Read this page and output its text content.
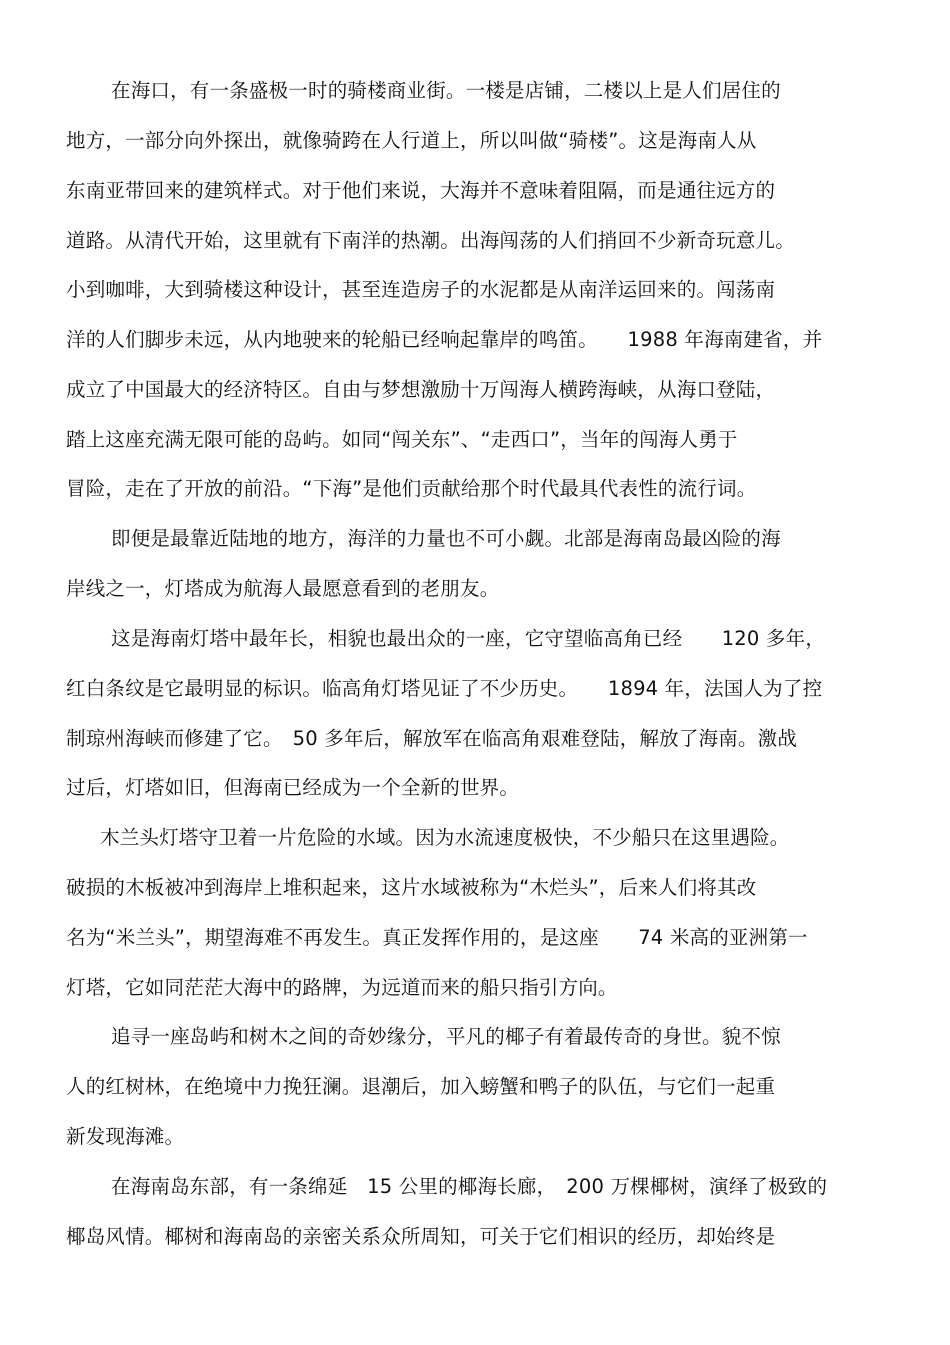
在海口，有一条盛极一时的骑楼商业街。一楼是店铺，二楼以上是人们居住的
地方，一部分向外探出，就像骑跨在人行道上，所以叫做“骑楼”。这是海南人从
东南亚带回来的建筑样式。对于他们来说，大海并不意味着阻隔，而是通往远方的
道路。从清代开始，这里就有下南洋的热潮。出海闯荡的人们捎回不少新奇玩意儿。
小到咖啡，大到骑楼这种设计，甚至连造房子的水泥都是从南洋运回来的。闯荡南
洋的人们脚步未远，从内地驶来的轮船已经响起靠岸的鸣笛。　　1988 年海南建省，并
成立了中国最大的经济特区。自由与梦想激励十万闯海人横跨海峡，从海口登陆，
踏上这座充满无限可能的岛屿。如同“闯关东”、“走西口”，当年的闯海人勇于
冒险，走在了开放的前沿。“下海”是他们贡献给那个时代最具代表性的流行词。
即便是最靠近陆地的地方，海洋的力量也不可小觑。北部是海南岛最凶险的海
岸线之一，灯塔成为航海人最愿意看到的老朋友。
这是海南灯塔中最年长，相貌也最出众的一座，它守望临高角已经　　120 多年，
红白条纹是它最明显的标识。临高角灯塔见证了不少历史。　　1894 年，法国人为了控
制琼州海峡而修建了它。　50 多年后，解放军在临高角艰难登陆，解放了海南。激战
过后，灯塔如旧，但海南已经成为一个全新的世界。
木兰头灯塔守卫着一片危险的水域。因为水流速度极快，不少船只在这里遇险。
破损的木板被冲到海岸上堆积起来，这片水域被称为“木烂头”，后来人们将其改
名为“米兰头”，期望海难不再发生。真正发挥作用的，是这座　　74 米高的亚洲第一
灯塔，它如同茫茫大海中的路牌，为远道而来的船只指引方向。
追寻一座岛屿和树木之间的奇妙缘分，平凡的椰子有着最传奇的身世。貌不惊
人的红树林，在绝境中力挽狂澜。退潮后，加入螃蟹和鸭子的队伍，与它们一起重
新发现海滩。
在海南岛东部，有一条绵延　15 公里的椰海长廊，　200 万棵椰树，演绎了极致的
椰岛风情。椰树和海南岛的亲密关系众所周知，可关于它们相识的经历，却始终是
